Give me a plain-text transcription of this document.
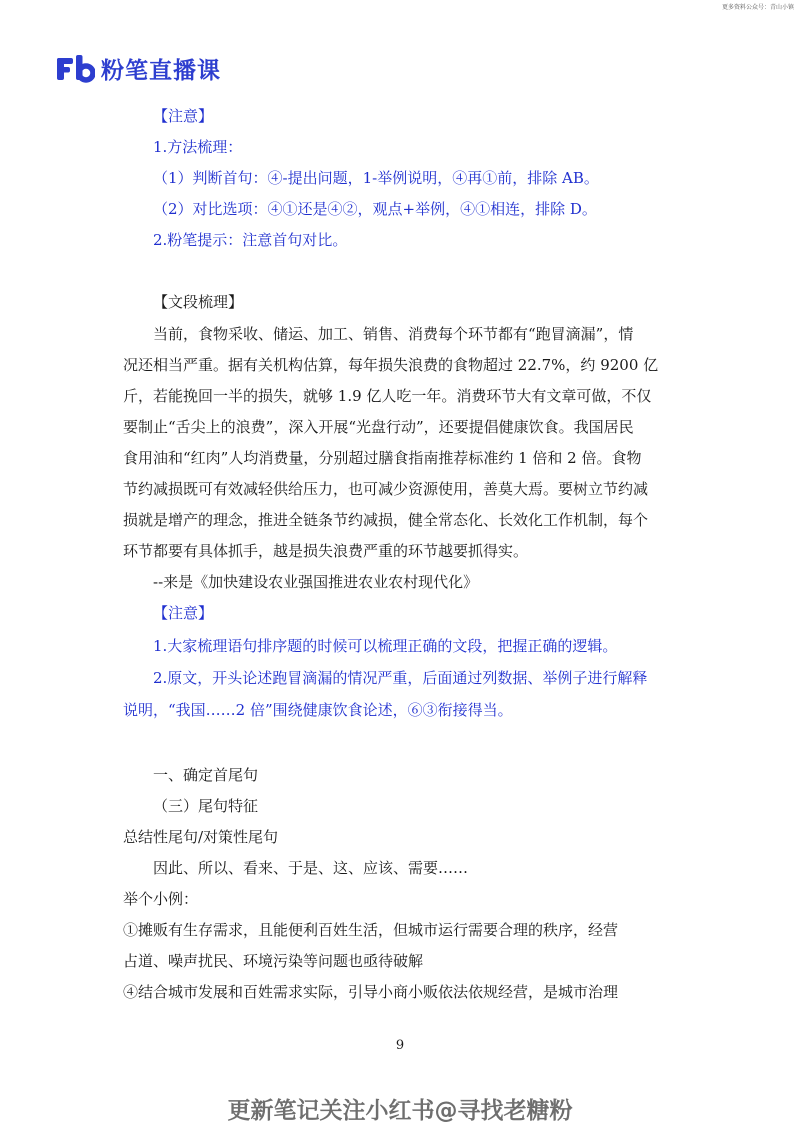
更多资料公众号：青山小镇
粉笔直播课
【注意】
1.方法梳理：
（1）判断首句：④-提出问题，1-举例说明，④再①前，排除 AB。
（2）对比选项：④①还是④②，观点+举例，④①相连，排除 D。
2.粉笔提示：注意首句对比。
【文段梳理】
当前，食物采收、储运、加工、销售、消费每个环节都有“跑冒滴漏”，情
况还相当严重。据有关机构估算，每年损失浪费的食物超过 22.7%，约 9200 亿
斤，若能挽回一半的损失，就够 1.9 亿人吃一年。消费环节大有文章可做，不仅
要制止“舌尖上的浪费”，深入开展“光盘行动”，还要提倡健康饮食。我国居民
食用油和“红肉”人均消费量，分别超过膳食指南推荐标准约 1 倍和 2 倍。食物
节约减损既可有效减轻供给压力，也可减少资源使用，善莫大焉。要树立节约减
损就是增产的理念，推进全链条节约减损，健全常态化、长效化工作机制，每个
环节都要有具体抓手，越是损失浪费严重的环节越要抓得实。
--来是《加快建设农业强国推进农业农村现代化》
【注意】
1.大家梳理语句排序题的时候可以梳理正确的文段，把握正确的逻辑。
2.原文，开头论述跑冒滴漏的情况严重，后面通过列数据、举例子进行解释
说明，“我国……2 倍”围绕健康饮食论述，⑥③衔接得当。
一、确定首尾句
（三）尾句特征
总结性尾句/对策性尾句
因此、所以、看来、于是、这、应该、需要……
举个小例：
①摊贩有生存需求，且能便利百姓生活，但城市运行需要合理的秩序，经营
占道、噪声扰民、环境污染等问题也亟待破解
④结合城市发展和百姓需求实际，引导小商小贩依法依规经营，是城市治理
9
更新笔记关注小红书@寻找老糖粉
